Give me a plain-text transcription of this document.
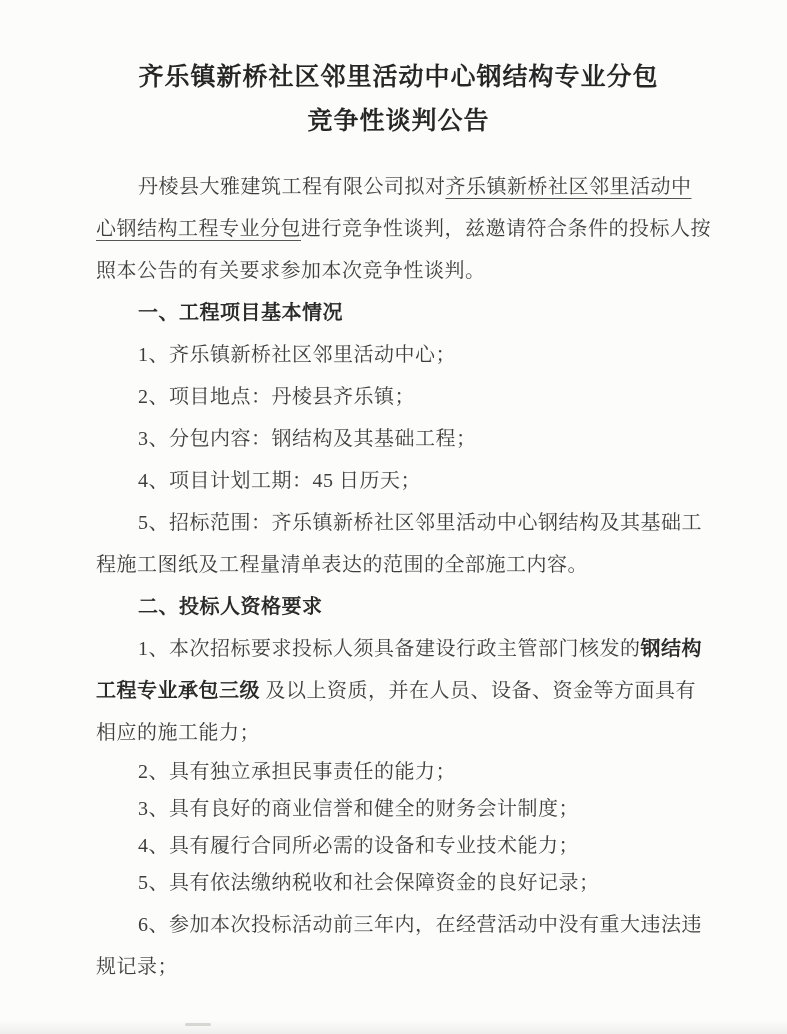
齐乐镇新桥社区邻里活动中心钢结构专业分包
竞争性谈判公告
丹棱县大雅建筑工程有限公司拟对齐乐镇新桥社区邻里活动中
心钢结构工程专业分包进行竞争性谈判，兹邀请符合条件的投标人按
照本公告的有关要求参加本次竞争性谈判。
一、工程项目基本情况
1、齐乐镇新桥社区邻里活动中心；
2、项目地点：丹棱县齐乐镇；
3、分包内容：钢结构及其基础工程；
4、项目计划工期：45 日历天；
5、招标范围：齐乐镇新桥社区邻里活动中心钢结构及其基础工
程施工图纸及工程量清单表达的范围的全部施工内容。
二、投标人资格要求
1、本次招标要求投标人须具备建设行政主管部门核发的钢结构
工程专业承包三级 及以上资质，并在人员、设备、资金等方面具有
相应的施工能力；
2、具有独立承担民事责任的能力；
3、具有良好的商业信誉和健全的财务会计制度；
4、具有履行合同所必需的设备和专业技术能力；
5、具有依法缴纳税收和社会保障资金的良好记录；
6、参加本次投标活动前三年内，在经营活动中没有重大违法违
规记录；
